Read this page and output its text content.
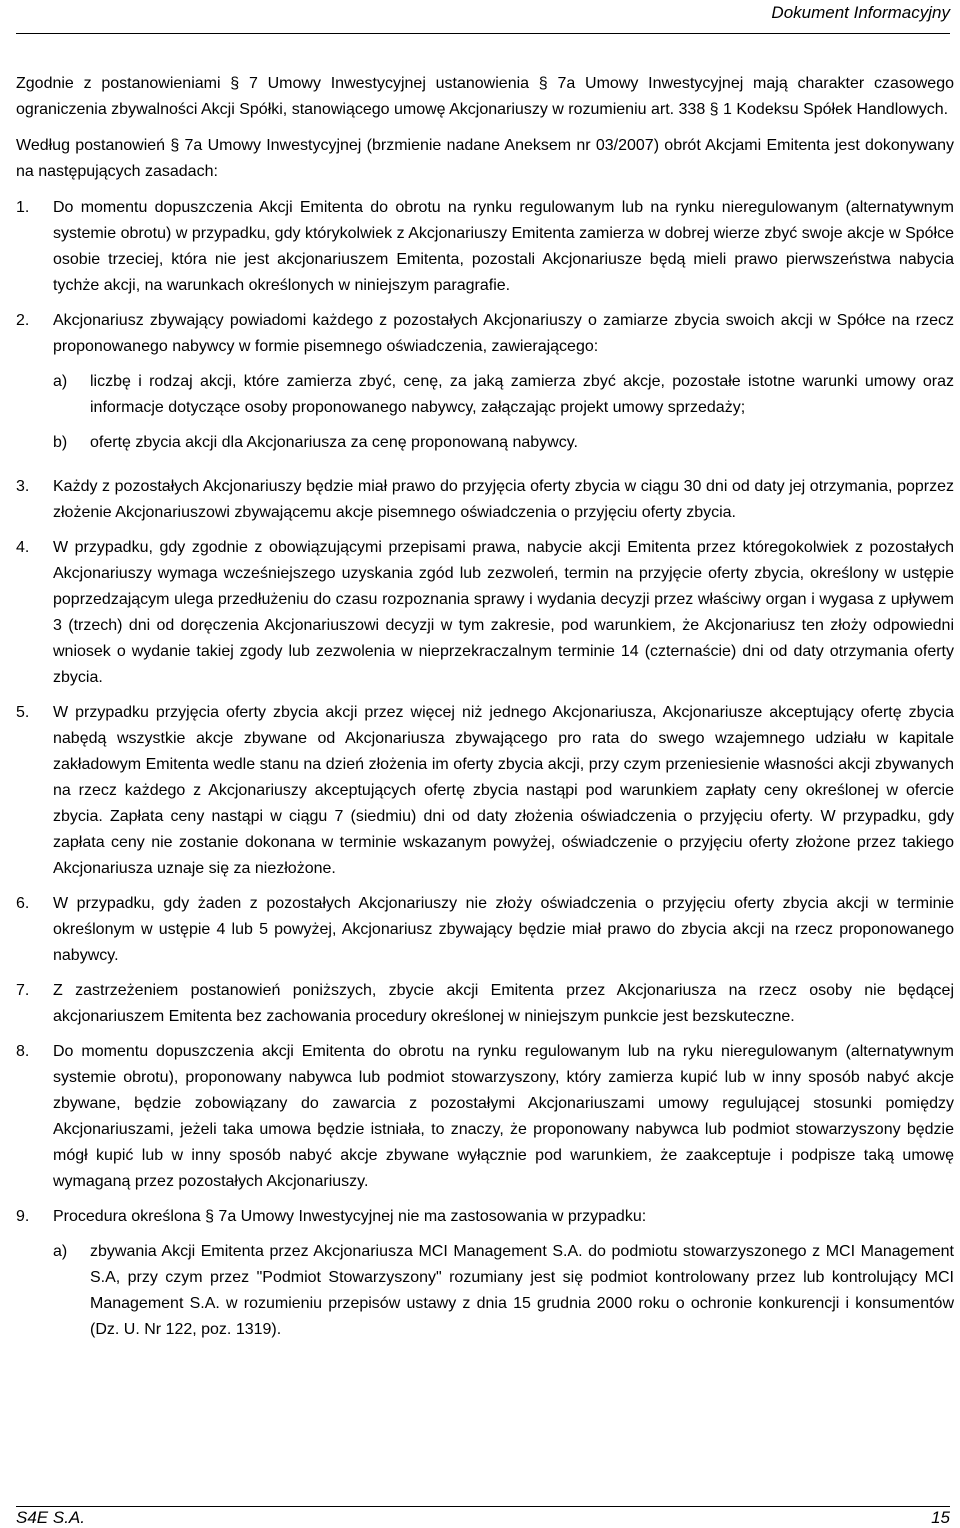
Dokument Informacyjny

Zgodnie z postanowieniami § 7 Umowy Inwestycyjnej ustanowienia § 7a Umowy Inwestycyjnej mają charakter czasowego ograniczenia zbywalności Akcji Spółki, stanowiącego umowę Akcjonariuszy w rozumieniu art. 338 § 1 Kodeksu Spółek Handlowych.

Według postanowień § 7a Umowy Inwestycyjnej (brzmienie nadane Aneksem nr 03/2007) obrót Akcjami Emitenta jest dokonywany na następujących zasadach:

1.	Do momentu dopuszczenia Akcji Emitenta do obrotu na rynku regulowanym lub na rynku nieregulowanym (alternatywnym systemie obrotu) w przypadku, gdy którykolwiek z Akcjonariuszy Emitenta zamierza w dobrej wierze zbyć swoje akcje w Spółce osobie trzeciej, która nie jest akcjonariuszem Emitenta, pozostali Akcjonariusze będą mieli prawo pierwszeństwa nabycia tychże akcji, na warunkach określonych w niniejszym paragrafie.
2.	Akcjonariusz zbywający powiadomi każdego z pozostałych Akcjonariuszy o zamiarze zbycia swoich akcji w Spółce na rzecz proponowanego nabywcy w formie pisemnego oświadczenia, zawierającego:
a)	liczbę i rodzaj akcji, które zamierza zbyć, cenę, za jaką zamierza zbyć akcje, pozostałe istotne warunki umowy oraz informacje dotyczące osoby proponowanego nabywcy, załączając projekt umowy sprzedaży;
b)	ofertę zbycia akcji dla Akcjonariusza za cenę proponowaną nabywcy.
3.	Każdy z pozostałych Akcjonariuszy będzie miał prawo do przyjęcia oferty zbycia w ciągu 30 dni od daty jej otrzymania, poprzez złożenie Akcjonariuszowi zbywającemu akcje pisemnego oświadczenia o przyjęciu oferty zbycia.
4.	W przypadku, gdy zgodnie z obowiązującymi przepisami prawa, nabycie akcji Emitenta przez któregokolwiek z pozostałych Akcjonariuszy wymaga wcześniejszego uzyskania zgód lub zezwoleń, termin na przyjęcie oferty zbycia, określony w ustępie poprzedzającym ulega przedłużeniu do czasu rozpoznania sprawy i wydania decyzji przez właściwy organ i wygasa z upływem 3 (trzech) dni od doręczenia Akcjonariuszowi decyzji w tym zakresie, pod warunkiem, że Akcjonariusz ten złoży odpowiedni wniosek o wydanie takiej zgody lub zezwolenia w nieprzekraczalnym terminie 14 (czternaście) dni od daty otrzymania oferty zbycia.
5.	W przypadku przyjęcia oferty zbycia akcji przez więcej niż jednego Akcjonariusza, Akcjonariusze akceptujący ofertę zbycia nabędą wszystkie akcje zbywane od Akcjonariusza zbywającego pro rata do swego wzajemnego udziału w kapitale zakładowym Emitenta wedle stanu na dzień złożenia im oferty zbycia akcji, przy czym przeniesienie własności akcji zbywanych na rzecz każdego z Akcjonariuszy akceptujących ofertę zbycia nastąpi pod warunkiem zapłaty ceny określonej w ofercie zbycia. Zapłata ceny nastąpi w ciągu 7 (siedmiu) dni od daty złożenia oświadczenia o przyjęciu oferty. W przypadku, gdy zapłata ceny nie zostanie dokonana w terminie wskazanym powyżej, oświadczenie o przyjęciu oferty złożone przez takiego Akcjonariusza uznaje się za niezłożone.
6.	W przypadku, gdy żaden z pozostałych Akcjonariuszy nie złoży oświadczenia o przyjęciu oferty zbycia akcji w terminie określonym w ustępie 4 lub 5 powyżej, Akcjonariusz zbywający będzie miał prawo do zbycia akcji na rzecz proponowanego nabywcy.
7.	Z zastrzeżeniem postanowień poniższych, zbycie akcji Emitenta przez Akcjonariusza na rzecz osoby nie będącej akcjonariuszem Emitenta bez zachowania procedury określonej w niniejszym punkcie jest bezskuteczne.
8.	Do momentu dopuszczenia akcji Emitenta do obrotu na rynku regulowanym lub na ryku nieregulowanym (alternatywnym systemie obrotu), proponowany nabywca lub podmiot stowarzyszony, który zamierza kupić lub w inny sposób nabyć akcje zbywane, będzie zobowiązany do zawarcia z pozostałymi Akcjonariuszami umowy regulującej stosunki pomiędzy Akcjonariuszami, jeżeli taka umowa będzie istniała, to znaczy, że proponowany nabywca lub podmiot stowarzyszony będzie mógł kupić lub w inny sposób nabyć akcje zbywane wyłącznie pod warunkiem, że zaakceptuje i podpisze taką umowę wymaganą przez pozostałych Akcjonariuszy.
9.	Procedura określona § 7a Umowy Inwestycyjnej nie ma zastosowania w przypadku:
a)	zbywania Akcji Emitenta przez Akcjonariusza MCI Management S.A. do podmiotu stowarzyszonego z MCI Management S.A, przy czym przez "Podmiot Stowarzyszony" rozumiany jest się podmiot kontrolowany przez lub kontrolujący MCI Management S.A. w rozumieniu przepisów ustawy z dnia 15 grudnia 2000 roku o ochronie konkurencji i konsumentów (Dz. U. Nr 122, poz. 1319).
S4E S.A.	15
